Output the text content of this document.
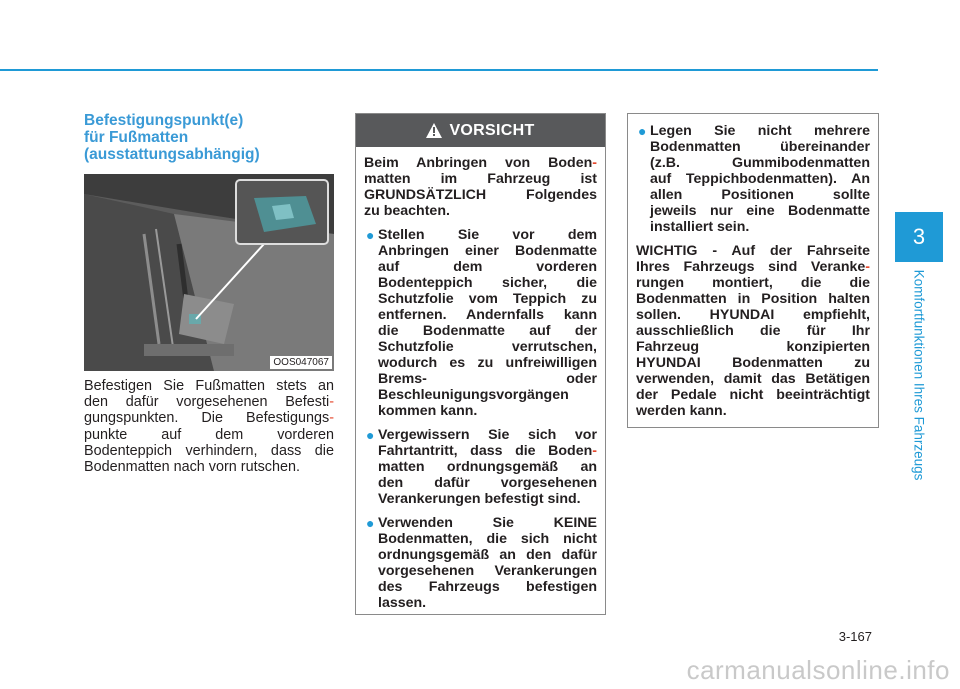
Befestigungspunkt(e)
für Fußmatten
(ausstattungsabhängig)
OOS047067
Befestigen Sie Fußmatten stets an
den dafür vorgesehenen Befesti-
gungspunkten. Die Befestigungs-
punkte auf dem vorderen
Bodenteppich verhindern, dass die
Bodenmatten nach vorn rutschen.
VORSICHT
Beim Anbringen von Boden-
matten im Fahrzeug ist
GRUNDSÄTZLICH Folgendes
zu beachten.
● Stellen Sie vor dem
Anbringen einer Bodenmatte
auf dem vorderen
Bodenteppich sicher, die
Schutzfolie vom Teppich zu
entfernen. Andernfalls kann
die Bodenmatte auf der
Schutzfolie verrutschen,
wodurch es zu unfreiwilligen
Brems- oder
Beschleunigungsvorgängen
kommen kann.
● Vergewissern Sie sich vor
Fahrtantritt, dass die Boden-
matten ordnungsgemäß an
den dafür vorgesehenen
Verankerungen befestigt sind.
● Verwenden Sie KEINE
Bodenmatten, die sich nicht
ordnungsgemäß an den dafür
vorgesehenen Verankerungen
des Fahrzeugs befestigen
lassen.
● Legen Sie nicht mehrere
Bodenmatten übereinander
(z.B. Gummibodenmatten
auf Teppichbodenmatten). An
allen Positionen sollte
jeweils nur eine Bodenmatte
installiert sein.
WICHTIG - Auf der Fahrseite
Ihres Fahrzeugs sind Veranke-
rungen montiert, die die
Bodenmatten in Position halten
sollen. HYUNDAI empfiehlt,
ausschließlich die für Ihr
Fahrzeug konzipierten
HYUNDAI Bodenmatten zu
verwenden, damit das Betätigen
der Pedale nicht beeinträchtigt
werden kann.
3
Komfortfunktionen Ihres Fahrzeugs
3-167
carmanualsonline.info
